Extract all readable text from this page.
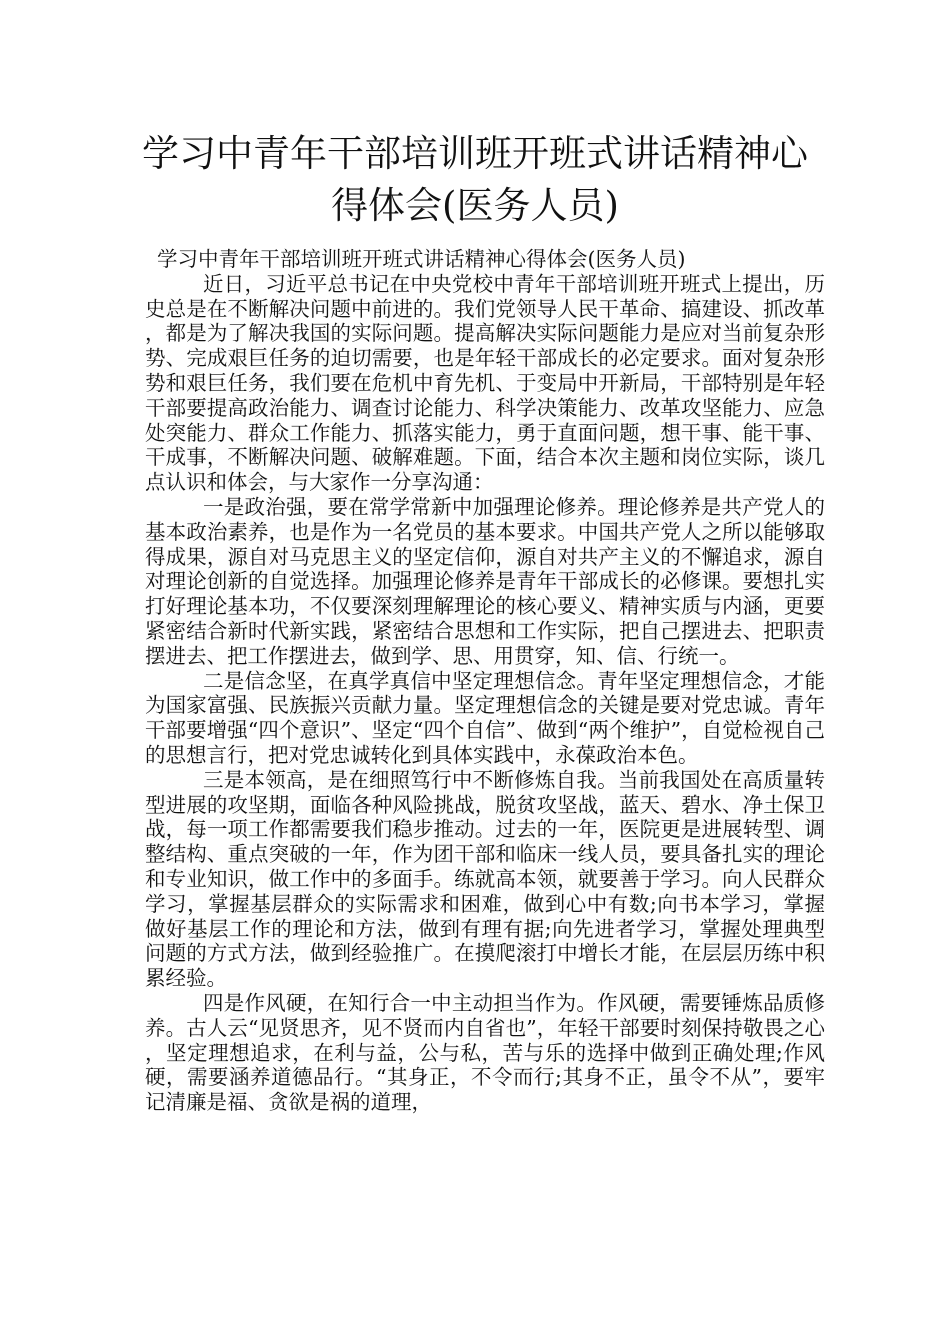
学习中青年干部培训班开班式讲话精神心
得体会(医务人员)

学习中青年干部培训班开班式讲话精神心得体会(医务人员)

近日，习近平总书记在中央党校中青年干部培训班开班式上提出，历史总是在不断解决问题中前进的。我们党领导人民干革命、搞建设、抓改革，都是为了解决我国的实际问题。提高解决实际问题能力是应对当前复杂形势、完成艰巨任务的迫切需要，也是年轻干部成长的必定要求。面对复杂形势和艰巨任务，我们要在危机中育先机、于变局中开新局，干部特别是年轻干部要提高政治能力、调查讨论能力、科学决策能力、改革攻坚能力、应急处突能力、群众工作能力、抓落实能力，勇于直面问题，想干事、能干事、干成事，不断解决问题、破解难题。下面，结合本次主题和岗位实际，谈几点认识和体会，与大家作一分享沟通：

一是政治强，要在常学常新中加强理论修养。理论修养是共产党人的基本政治素养，也是作为一名党员的基本要求。中国共产党人之所以能够取得成果，源自对马克思主义的坚定信仰，源自对共产主义的不懈追求，源自对理论创新的自觉选择。加强理论修养是青年干部成长的必修课。要想扎实打好理论基本功，不仅要深刻理解理论的核心要义、精神实质与内涵，更要紧密结合新时代新实践，紧密结合思想和工作实际，把自己摆进去、把职责摆进去、把工作摆进去，做到学、思、用贯穿，知、信、行统一。

二是信念坚，在真学真信中坚定理想信念。青年坚定理想信念，才能为国家富强、民族振兴贡献力量。坚定理想信念的关键是要对党忠诚。青年干部要增强“四个意识”、坚定“四个自信”、做到“两个维护”，自觉检视自己的思想言行，把对党忠诚转化到具体实践中，永葆政治本色。

三是本领高，是在细照笃行中不断修炼自我。当前我国处在高质量转型进展的攻坚期，面临各种风险挑战，脱贫攻坚战，蓝天、碧水、净土保卫战，每一项工作都需要我们稳步推动。过去的一年，医院更是进展转型、调整结构、重点突破的一年，作为团干部和临床一线人员，要具备扎实的理论和专业知识，做工作中的多面手。练就高本领，就要善于学习。向人民群众学习，掌握基层群众的实际需求和困难，做到心中有数;向书本学习，掌握做好基层工作的理论和方法，做到有理有据;向先进者学习，掌握处理典型问题的方式方法，做到经验推广。在摸爬滚打中增长才能，在层层历练中积累经验。

四是作风硬，在知行合一中主动担当作为。作风硬，需要锤炼品质修养。古人云“见贤思齐，见不贤而内自省也”，年轻干部要时刻保持敬畏之心，坚定理想追求，在利与益，公与私，苦与乐的选择中做到正确处理;作风硬，需要涵养道德品行。“其身正，不令而行;其身不正，虽令不从”，要牢记清廉是福、贪欲是祸的道理，
